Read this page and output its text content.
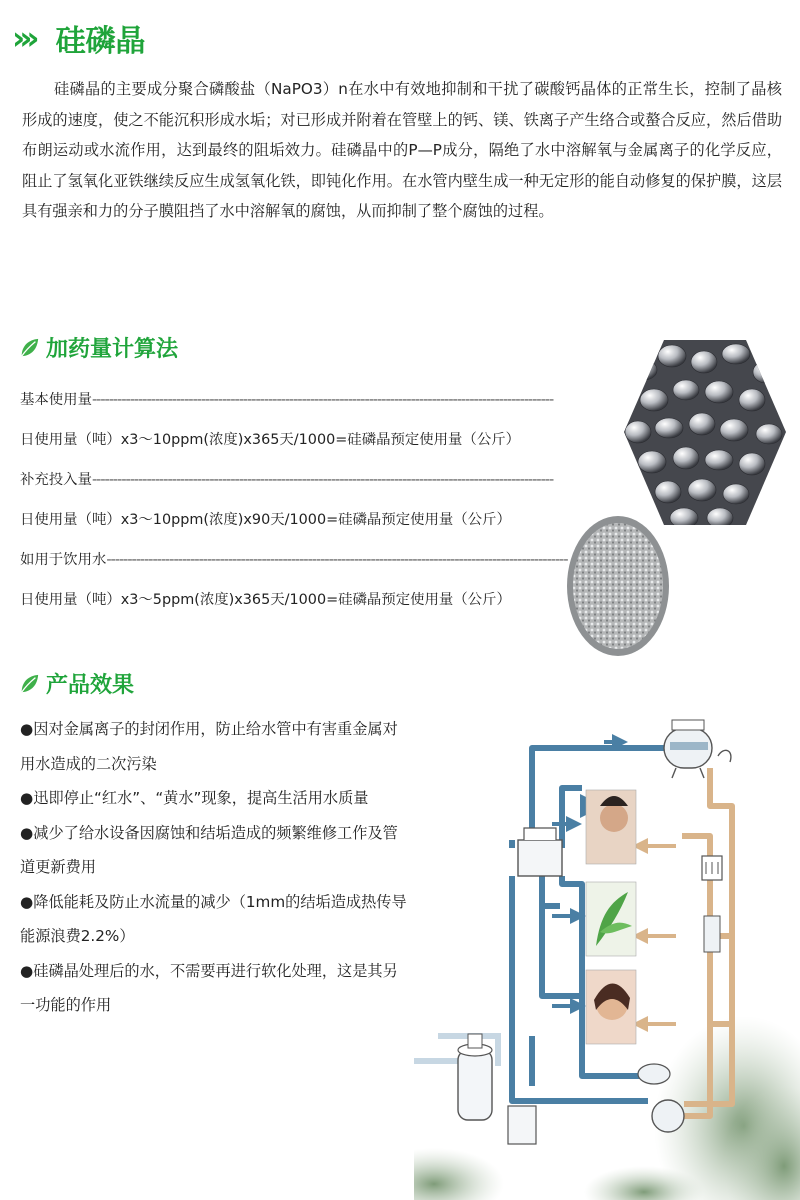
››› 硅磷晶

硅磷晶的主要成分聚合磷酸盐（NaPO3）n在水中有效地抑制和干扰了碳酸钙晶体的正常生长，控制了晶核形成的速度，使之不能沉积形成水垢；对已形成并附着在管壁上的钙、镁、铁离子产生络合或螯合反应，然后借助布朗运动或水流作用，达到最终的阻垢效力。硅磷晶中的P—P成分，隔绝了水中溶解氧与金属离子的化学反应，阻止了氢氧化亚铁继续反应生成氢氧化铁，即钝化作用。在水管内壁生成一种无定形的能自动修复的保护膜，这层具有强亲和力的分子膜阻挡了水中溶解氧的腐蚀，从而抑制了整个腐蚀的过程。

加药量计算法
基本使用量 --------------------------------------------------------------------------------------------------------------
日使用量（吨）x3～10ppm(浓度)x365天/1000=硅磷晶预定使用量（公斤）
补充投入量 --------------------------------------------------------------------------------------------------------------
日使用量（吨）x3～10ppm(浓度)x90天/1000=硅磷晶预定使用量（公斤）
如用于饮用水 --------------------------------------------------------------------------------------------------------------
日使用量（吨）x3～5ppm(浓度)x365天/1000=硅磷晶预定使用量（公斤）
产品效果

●因对金属离子的封闭作用，防止给水管中有害重金属对用水造成的二次污染

●迅即停止“红水”、“黄水”现象，提高生活用水质量

●减少了给水设备因腐蚀和结垢造成的频繁维修工作及管道更新费用

●降低能耗及防止水流量的减少（1mm的结垢造成热传导能源浪费2.2%）

●硅磷晶处理后的水，不需要再进行软化处理，这是其另一功能的作用
